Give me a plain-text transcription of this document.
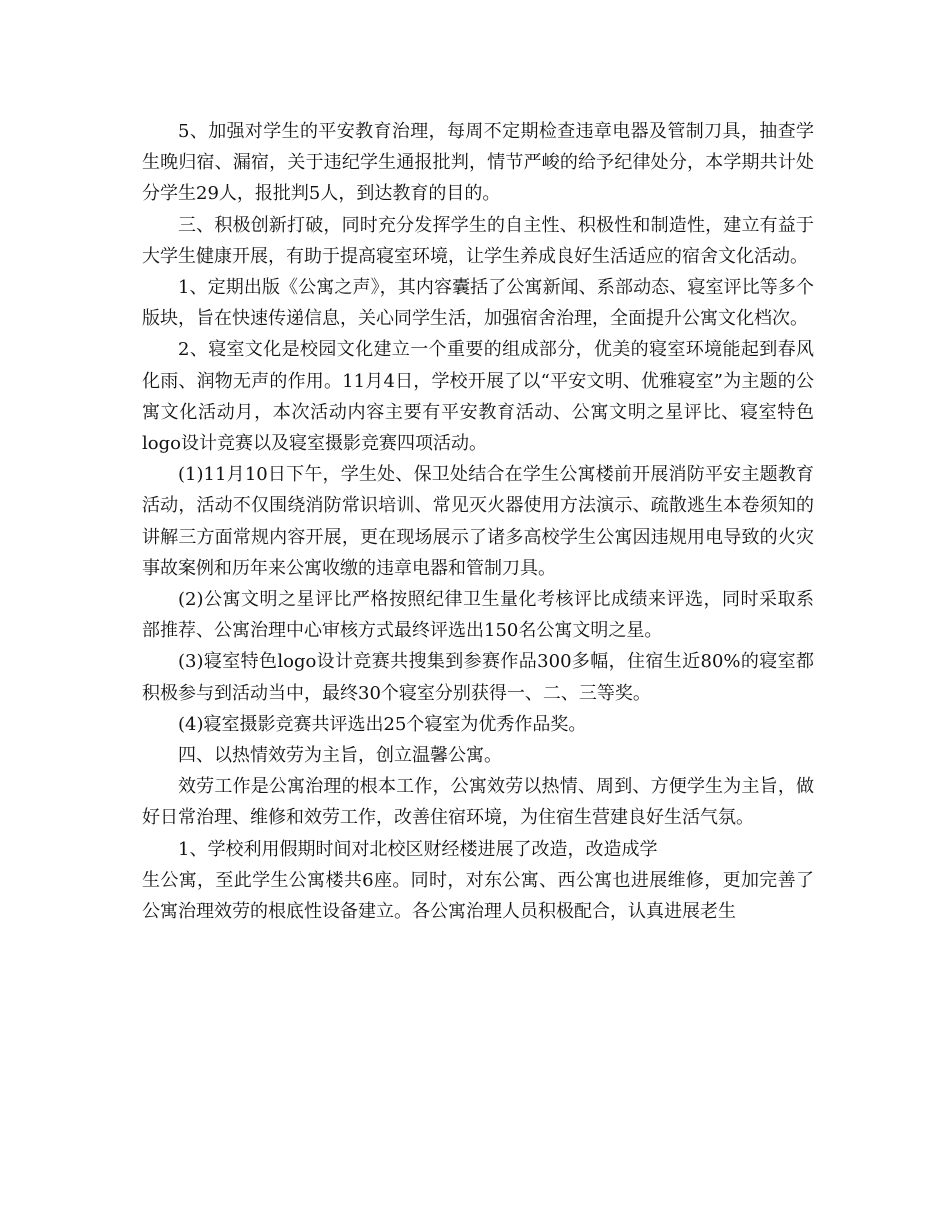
5、加强对学生的平安教育治理，每周不定期检查违章电器及管制刀具，抽查学生晚归宿、漏宿，关于违纪学生通报批判，情节严峻的给予纪律处分，本学期共计处分学生29人，报批判5人，到达教育的目的。

三、积极创新打破，同时充分发挥学生的自主性、积极性和制造性，建立有益于大学生健康开展，有助于提高寝室环境，让学生养成良好生活适应的宿舍文化活动。

1、定期出版《公寓之声》，其内容囊括了公寓新闻、系部动态、寝室评比等多个版块，旨在快速传递信息，关心同学生活，加强宿舍治理，全面提升公寓文化档次。

2、寝室文化是校园文化建立一个重要的组成部分，优美的寝室环境能起到春风化雨、润物无声的作用。11月4日，学校开展了以“平安文明、优雅寝室”为主题的公寓文化活动月，本次活动内容主要有平安教育活动、公寓文明之星评比、寝室特色logo设计竞赛以及寝室摄影竞赛四项活动。

(1)11月10日下午，学生处、保卫处结合在学生公寓楼前开展消防平安主题教育活动，活动不仅围绕消防常识培训、常见灭火器使用方法演示、疏散逃生本卷须知的讲解三方面常规内容开展，更在现场展示了诸多高校学生公寓因违规用电导致的火灾事故案例和历年来公寓收缴的违章电器和管制刀具。

(2)公寓文明之星评比严格按照纪律卫生量化考核评比成绩来评选，同时采取系部推荐、公寓治理中心审核方式最终评选出150名公寓文明之星。

(3)寝室特色logo设计竞赛共搜集到参赛作品300多幅，住宿生近80%的寝室都积极参与到活动当中，最终30个寝室分别获得一、二、三等奖。

(4)寝室摄影竞赛共评选出25个寝室为优秀作品奖。

四、以热情效劳为主旨，创立温馨公寓。

效劳工作是公寓治理的根本工作，公寓效劳以热情、周到、方便学生为主旨，做好日常治理、维修和效劳工作，改善住宿环境，为住宿生营建良好生活气氛。

1、学校利用假期时间对北校区财经楼进展了改造，改造成学

生公寓，至此学生公寓楼共6座。同时，对东公寓、西公寓也进展维修，更加完善了公寓治理效劳的根底性设备建立。各公寓治理人员积极配合，认真进展老生
